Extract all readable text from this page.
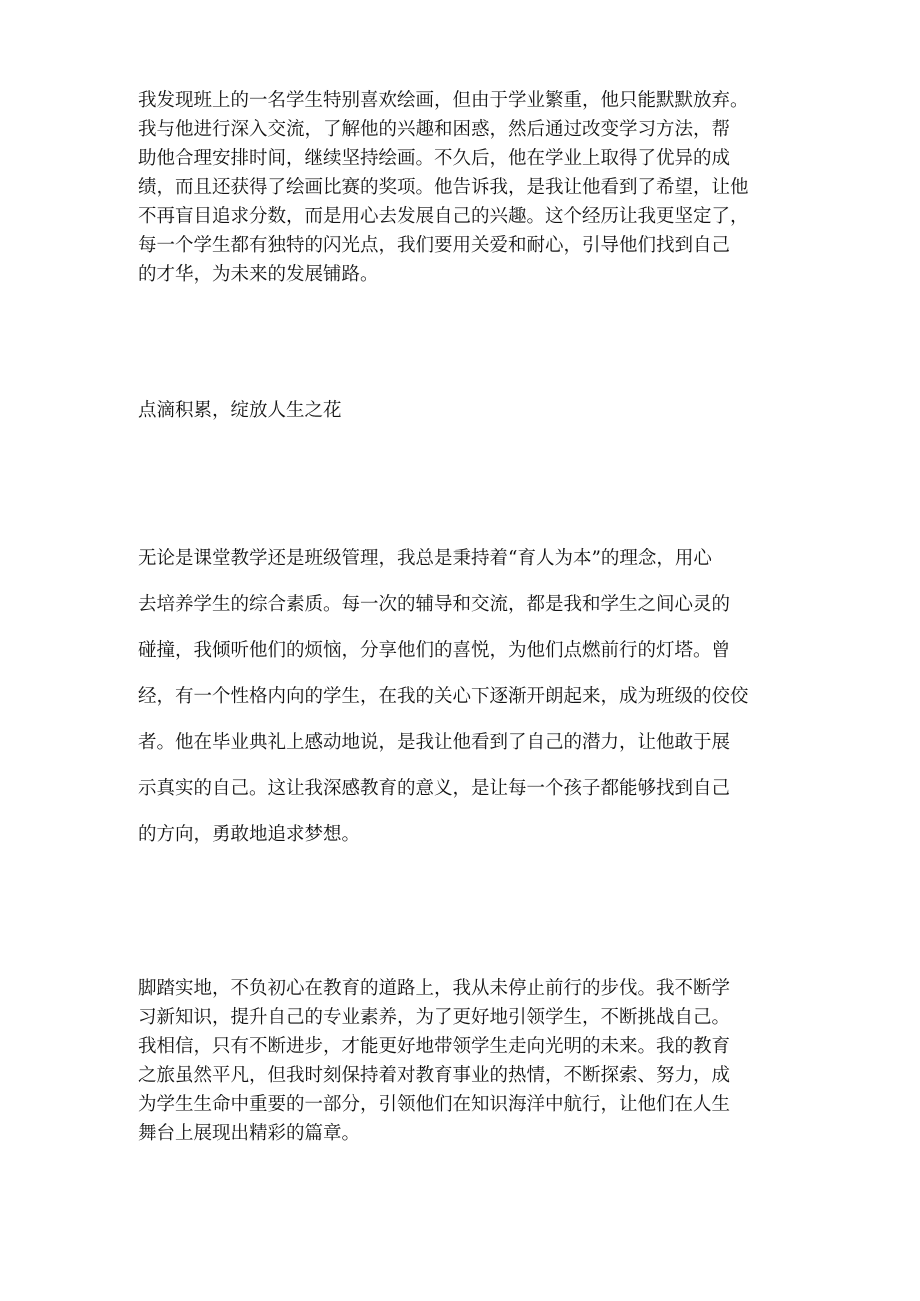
我发现班上的一名学生特别喜欢绘画，但由于学业繁重，他只能默默放弃。
我与他进行深入交流，了解他的兴趣和困惑，然后通过改变学习方法，帮
助他合理安排时间，继续坚持绘画。不久后，他在学业上取得了优异的成
绩，而且还获得了绘画比赛的奖项。他告诉我，是我让他看到了希望，让他
不再盲目追求分数，而是用心去发展自己的兴趣。这个经历让我更坚定了，
每一个学生都有独特的闪光点，我们要用关爱和耐心，引导他们找到自己
的才华，为未来的发展铺路。
点滴积累，绽放人生之花
无论是课堂教学还是班级管理，我总是秉持着“育人为本”的理念，用心
去培养学生的综合素质。每一次的辅导和交流，都是我和学生之间心灵的
碰撞，我倾听他们的烦恼，分享他们的喜悦，为他们点燃前行的灯塔。曾
经，有一个性格内向的学生，在我的关心下逐渐开朗起来，成为班级的佼佼
者。他在毕业典礼上感动地说，是我让他看到了自己的潜力，让他敢于展
示真实的自己。这让我深感教育的意义，是让每一个孩子都能够找到自己
的方向，勇敢地追求梦想。
脚踏实地，不负初心在教育的道路上，我从未停止前行的步伐。我不断学
习新知识，提升自己的专业素养，为了更好地引领学生，不断挑战自己。
我相信，只有不断进步，才能更好地带领学生走向光明的未来。我的教育
之旅虽然平凡，但我时刻保持着对教育事业的热情，不断探索、努力，成
为学生生命中重要的一部分，引领他们在知识海洋中航行，让他们在人生
舞台上展现出精彩的篇章。
